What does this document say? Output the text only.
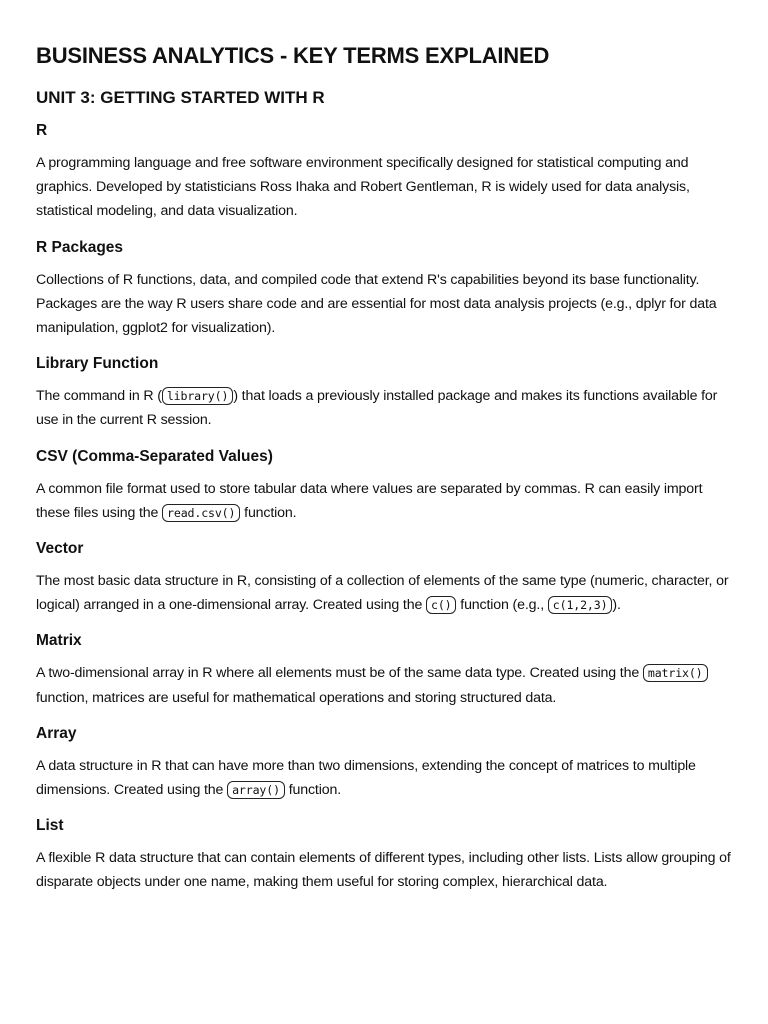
BUSINESS ANALYTICS - KEY TERMS EXPLAINED
UNIT 3: GETTING STARTED WITH R
R

A programming language and free software environment specifically designed for statistical computing and graphics. Developed by statisticians Ross Ihaka and Robert Gentleman, R is widely used for data analysis, statistical modeling, and data visualization.

R Packages

Collections of R functions, data, and compiled code that extend R's capabilities beyond its base functionality. Packages are the way R users share code and are essential for most data analysis projects (e.g., dplyr for data manipulation, ggplot2 for visualization).

Library Function

The command in R ( library() ) that loads a previously installed package and makes its functions available for use in the current R session.

CSV (Comma-Separated Values)

A common file format used to store tabular data where values are separated by commas. R can easily import these files using the read.csv() function.

Vector

The most basic data structure in R, consisting of a collection of elements of the same type (numeric, character, or logical) arranged in a one-dimensional array. Created using the c() function (e.g., c(1,2,3) ).

Matrix

A two-dimensional array in R where all elements must be of the same data type. Created using the matrix() function, matrices are useful for mathematical operations and storing structured data.

Array

A data structure in R that can have more than two dimensions, extending the concept of matrices to multiple dimensions. Created using the array() function.

List

A flexible R data structure that can contain elements of different types, including other lists. Lists allow grouping of disparate objects under one name, making them useful for storing complex, hierarchical data.
